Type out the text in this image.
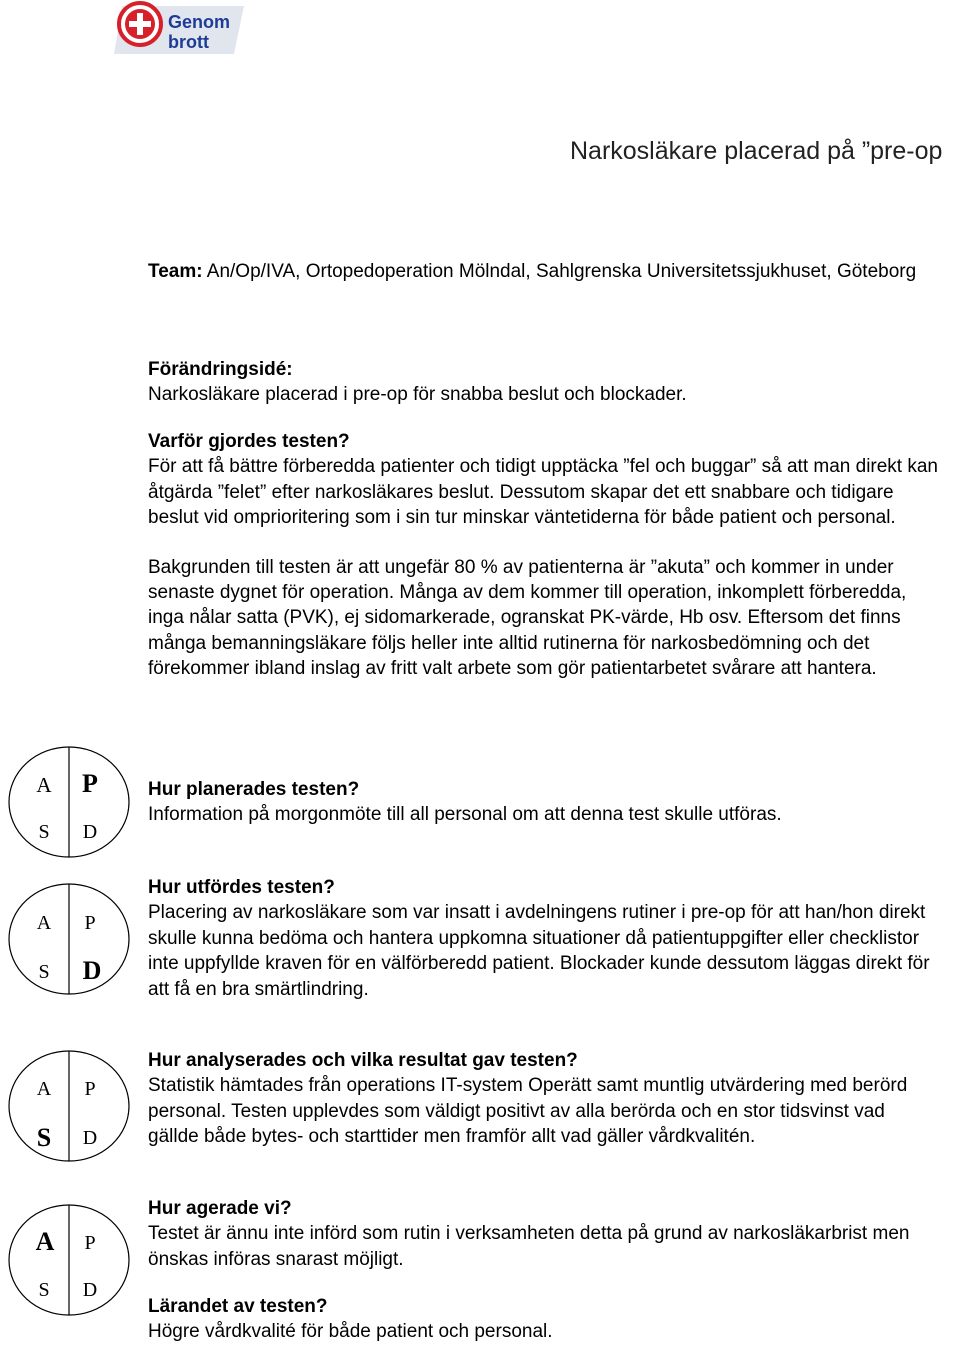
Genom
brott
Narkosläkare placerad på ”pre-op

Team: An/Op/IVA, Ortopedoperation Mölndal, Sahlgrenska Universitetssjukhuset, Göteborg

Förändringsidé:

Narkosläkare placerad i pre-op för snabba beslut och blockader.

Varför gjordes testen?

För att få bättre förberedda patienter och tidigt upptäcka ”fel och buggar” så att man direkt kan åtgärda ”felet” efter narkosläkares beslut. Dessutom skapar det ett snabbare och tidigare beslut vid omprioritering som i sin tur minskar väntetiderna för både patient och personal.

Bakgrunden till testen är att ungefär 80 % av patienterna är ”akuta” och kommer in under senaste dygnet för operation. Många av dem kommer till operation, inkomplett förberedda, inga nålar satta (PVK), ej sidomarkerade, ogranskat PK-värde, Hb osv. Eftersom det finns många bemanningsläkare följs heller inte alltid rutinerna för narkosbedömning och det förekommer ibland inslag av fritt valt arbete som gör patientarbetet svårare att hantera.

A P
S D

Hur planerades testen?

Information på morgonmöte till all personal om att denna test skulle utföras.

A P
S D

Hur utfördes testen?

Placering av narkosläkare som var insatt i avdelningens rutiner i pre-op för att han/hon direkt skulle kunna bedöma och hantera uppkomna situationer då patientuppgifter eller checklistor inte uppfyllde kraven för en välförberedd patient. Blockader kunde dessutom läggas direkt för att få en bra smärtlindring.

A P
S D

Hur analyserades och vilka resultat gav testen?

Statistik hämtades från operations IT-system Operätt samt muntlig utvärdering med berörd personal. Testen upplevdes som väldigt positivt av alla berörda och en stor tidsvinst vad gällde både bytes- och starttider men framför allt vad gäller vårdkvalitén.

A P
S D

Hur agerade vi?

Testet är ännu inte införd som rutin i verksamheten detta på grund av narkosläkarbrist men önskas införas snarast möjligt.

Lärandet av testen?

Högre vårdkvalité för både patient och personal.
